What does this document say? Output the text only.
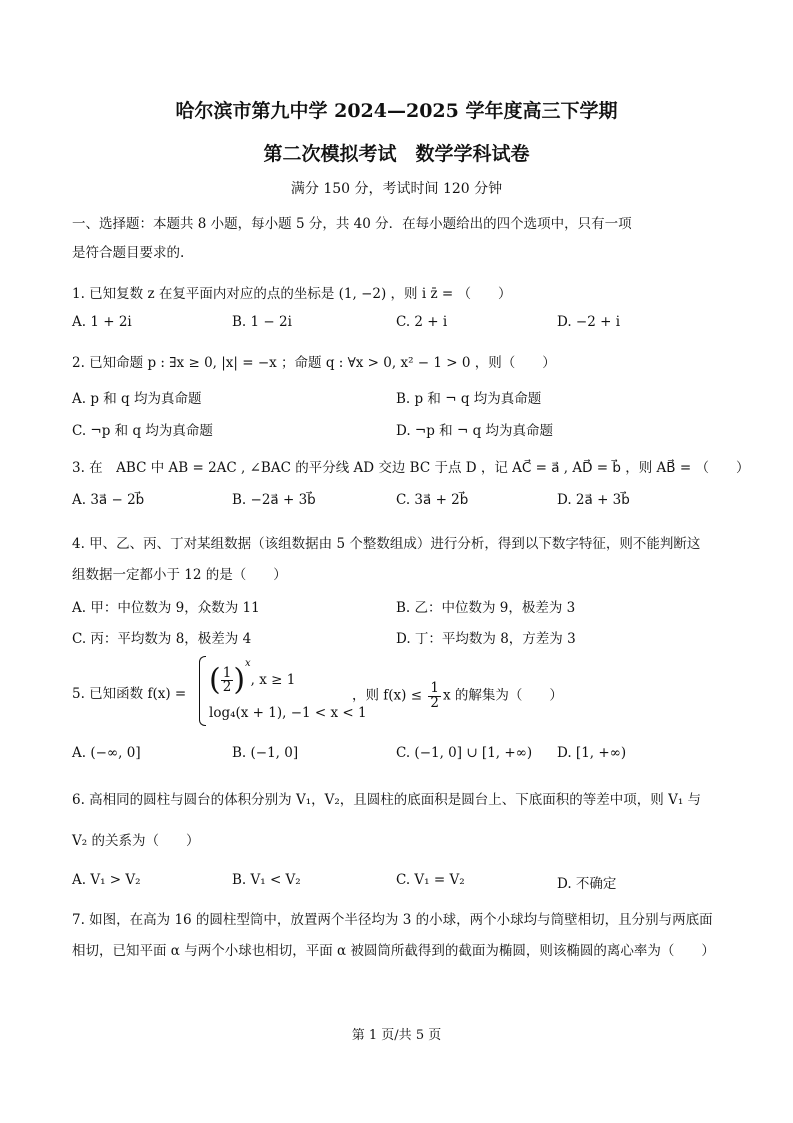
哈尔滨市第九中学 2024—2025 学年度高三下学期
第二次模拟考试　数学学科试卷
满分 150 分，考试时间 120 分钟
一、选择题：本题共 8 小题，每小题 5 分，共 40 分．在每小题给出的四个选项中，只有一项
是符合题目要求的.
1. 已知复数 z 在复平面内对应的点的坐标是 (1, −2) ，则 i z̄ = （　　）
A. 1 + 2i	B. 1 − 2i	C. 2 + i	D. −2 + i
2. 已知命题 p : ∃x ≥ 0, |x| = −x ；命题 q : ∀x > 0, x² − 1 > 0 ，则（　　）
A. p 和 q 均为真命题	B. p 和 ¬ q 均为真命题
C. ¬p 和 q 均为真命题	D. ¬p 和 ¬ q 均为真命题
3. 在　ABC 中 AB = 2AC , ∠BAC 的平分线 AD 交边 BC 于点 D ，记 AC⃗ = a⃗ , AD⃗ = b⃗ ，则 AB⃗ = （　　）
A. 3a⃗ − 2b⃗	B. −2a⃗ + 3b⃗	C. 3a⃗ + 2b⃗	D. 2a⃗ + 3b⃗
4. 甲、乙、丙、丁对某组数据（该组数据由 5 个整数组成）进行分析，得到以下数字特征，则不能判断这
组数据一定都小于 12 的是（　　）
A. 甲：中位数为 9，众数为 11	B. 乙：中位数为 9，极差为 3
C. 丙：平均数为 8，极差为 4	D. 丁：平均数为 8，方差为 3
5. 已知函数 f(x) = ( $\frac{1}{2} )^x$, x ≥ 1
log₄(x + 1), −1 < x < 1
，则 $f(x) \le \frac{1}{2}$ x 的解集为（　　）
A. (−∞, 0]	B. (−1, 0]	C. (−1, 0] ∪ [1, +∞) D. [1, +∞)
6. 高相同的圆柱与圆台的体积分别为 V₁，V₂，且圆柱的底面积是圆台上、下底面积的等差中项，则 V₁ 与
V₂ 的关系为（　　）
A. V₁ > V₂	B. V₁ < V₂	C. V₁ = V₂	D. 不确定
7. 如图，在高为 16 的圆柱型筒中，放置两个半径均为 3 的小球，两个小球均与筒壁相切，且分别与两底面
相切，已知平面 α 与两个小球也相切，平面 α 被圆筒所截得到的截面为椭圆，则该椭圆的离心率为（　　）
第 1 页/共 5 页
